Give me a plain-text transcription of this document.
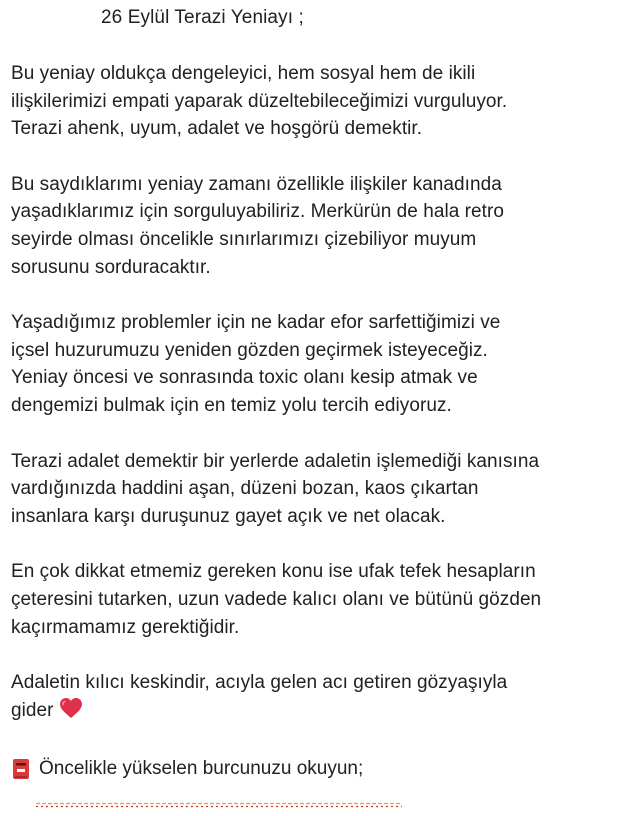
26 Eylül Terazi Yeniayı ;

Bu yeniay oldukça dengeleyici, hem sosyal hem de ikili
ilişkilerimizi empati yaparak düzeltebileceğimizi vurguluyor.
Terazi ahenk, uyum, adalet ve hoşgörü demektir.

Bu saydıklarımı yeniay zamanı özellikle ilişkiler kanadında
yaşadıklarımız için sorguluyabiliriz. Merkürün de hala retro
seyirde olması öncelikle sınırlarımızı çizebiliyor muyum
sorusunu sorduracaktır.

Yaşadığımız problemler için ne kadar efor sarfettiğimizi ve
içsel huzurumuzu yeniden gözden geçirmek isteyeceğiz.
Yeniay öncesi ve sonrasında toxic olanı kesip atmak ve
dengemizi bulmak için en temiz yolu tercih ediyoruz.

Terazi adalet demektir bir yerlerde adaletin işlemediği kanısına
vardığınızda haddini aşan, düzeni bozan, kaos çıkartan
insanlara karşı duruşunuz gayet açık ve net olacak.

En çok dikkat etmemiz gereken konu ise ufak tefek hesapların
çeteresini tutarken, uzun vadede kalıcı olanı ve bütünü gözden
kaçırmamamız gerektiğidir.

Adaletin kılıcı keskindir, acıyla gelen acı getiren gözyaşıyla
gider

Öncelikle yükselen burcunuzu okuyun;
